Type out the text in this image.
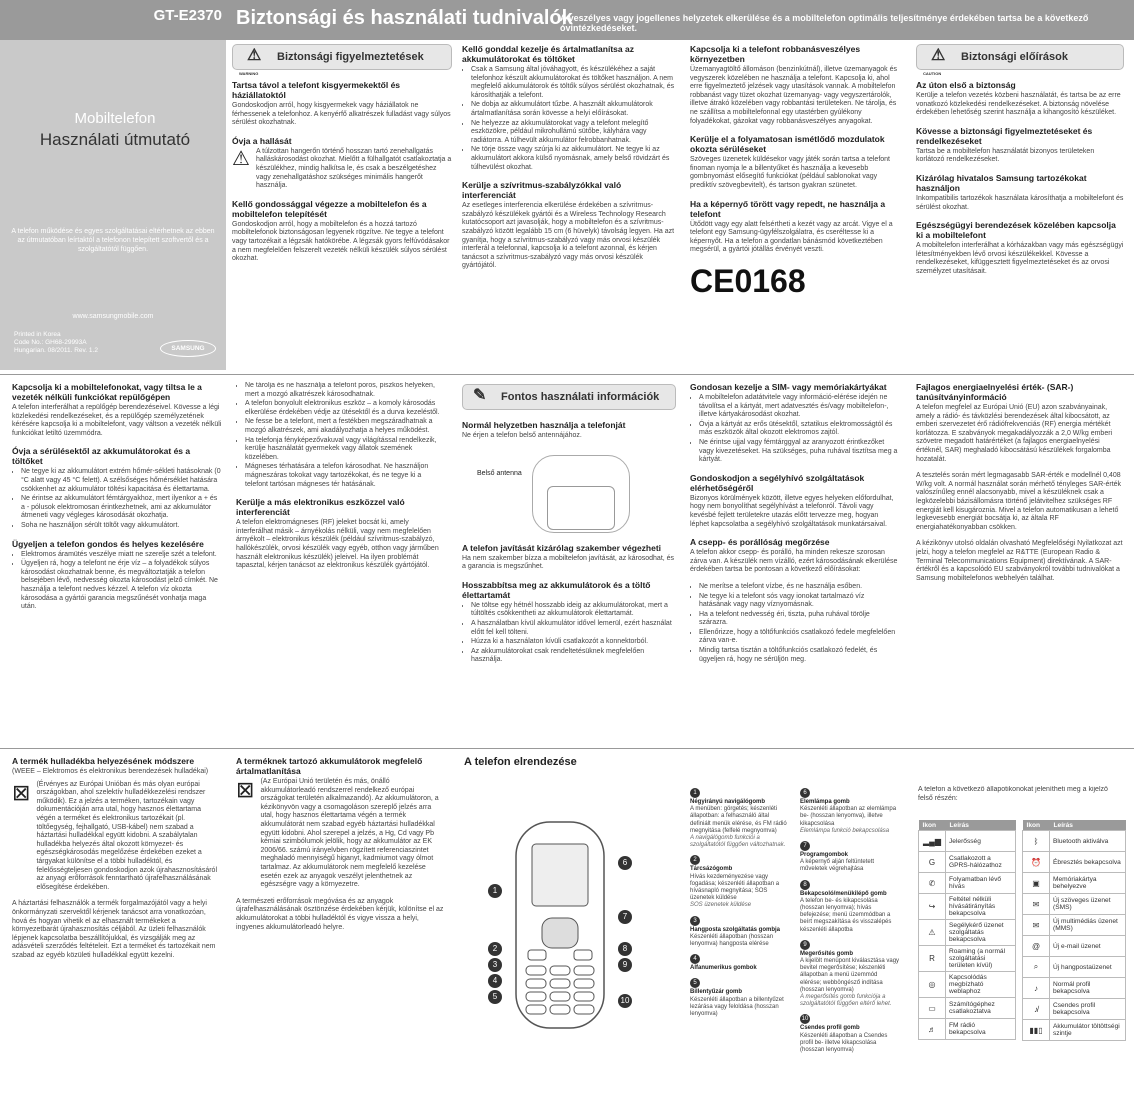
GT-E2370 Biztonsági és használati tudnivalók
A veszélyes vagy jogellenes helyzetek elkerülése és a mobiltelefon optimális teljesítménye érdekében tartsa be a következő óvintézkedéseket.
Mobiltelefon
Használati útmutató
A telefon működése és egyes szolgáltatásai eltérhetnek az ebben az útmutatóban leírtaktól a telefonon telepített szoftvertől és a szolgáltatótól függően.
www.samsungmobile.com
Printed in Korea
Code No.: GH68-29993A
Hungarian. 08/2011. Rev. 1.2	SAMSUNG
⚠
WARNING
Biztonsági figyelmeztetések
Tartsa távol a telefont kisgyermekektől és háziállatoktól

Gondoskodjon arról, hogy kisgyermekek vagy háziállatok ne férhessenek a telefonhoz. A kenyérfő alkatrészek fulladást vagy súlyos sérülést okozhatnak.

Óvja a hallását
⚠ A túlzottan hangerőn történő hosszan tartó zenehallgatás halláskárosodást okozhat. Mielőtt a fülhallgatót csatlakoztatja a készülékhez, mindig halkítsa le, és csak a beszélgetéshez vagy zenehallgatáshoz szükséges minimális hangerőt használja.

Kellő gondossággal végezze a mobiltelefon és a mobiltelefon telepítését

Gondoskodjon arról, hogy a mobiltelefon és a hozzá tartozó mobiltelefonok biztonságosan legyenek rögzítve. Ne tegye a telefont vagy tartozékait a légzsák hatókörébe. A légzsák gyors felfúvódásakor a nem megfelelően felszerelt vezeték nélküli készülék súlyos sérülést okozhat.

Kellő gonddal kezelje és ártalmatlanítsa az akkumulátorokat és töltőket
• Csak a Samsung által jóváhagyott, és készülékéhez a saját telefonhoz készült akkumulátorokat és töltőket használjon. A nem megfelelő akkumulátorok és töltők súlyos sérülést okozhatnak, és károsíthatják a telefont.
• Ne dobja az akkumulátort tűzbe. A használt akkumulátorok ártalmatlanítása során kövesse a helyi előírásokat.
• Ne helyezze az akkumulátorokat vagy a telefont melegítő eszközökre, például mikrohullámú sütőbe, kályhára vagy radiátorra. A túlhevült akkumulátor felrobbanhatnak.
• Ne törje össze vagy szúrja ki az akkumulátort. Ne tegye ki az akkumulátort akkora külső nyomásnak, amely belső rövidzárt és túlhevülést okozhat.
Kerülje a szívritmus-szabályzókkal való interferenciát

Az esetleges interferencia elkerülése érdekében a szívritmus-szabályzó készülékek gyártói és a Wireless Technology Research kutatócsoport azt javasolják, hogy a mobiltelefon és a szívritmus-szabályzó között legalább 15 cm (6 hüvelyk) távolság legyen. Ha azt gyanítja, hogy a szívritmus-szabályzó vagy más orvosi készülék interferál a telefonnal, kapcsolja ki a telefont azonnal, és kérjen tanácsot a szívritmus-szabályzó vagy más orvosi készülék gyártójától.

Kapcsolja ki a telefont robbanásveszélyes környezetben

Üzemanyagtöltő állomáson (benzinkútnál), illetve üzemanyagok és vegyszerek közelében ne használja a telefont. Kapcsolja ki, ahol erre figyelmeztető jelzések vagy utasítások vannak. A mobiltelefon robbanást vagy tüzet okozhat üzemanyag- vagy vegyszertárolók, illetve átrakó közelében vagy robbantási területeken. Ne tárolja, és ne szállítsa a mobiltelefonnal egy utastérben gyúlékony folyadékokat, gázokat vagy robbanásveszélyes anyagokat.

Kerülje el a folyamatosan ismétlődő mozdulatok okozta sérüléseket

Szöveges üzenetek küldésekor vagy játék során tartsa a telefont finoman nyomja le a billentyűket és használja a kevesebb gombnyomást elősegítő funkciókat (például sablonokat vagy prediktív szövegbevitelt), és tartson gyakran szünetet.

Ha a képernyő törött vagy repedt, ne használja a telefont

Ütődött vagy egy alatt felsértheti a kezét vagy az arcát. Vigye el a telefont egy Samsung-ügyfélszolgálatra, és cseréltesse ki a képernyőt. Ha a telefon a gondatlan bánásmód következtében megsérül, a gyártói jótállás érvényét veszti.

CE0168
⚠
CAUTION
Biztonsági előírások
Az úton első a biztonság

Kerülje a telefon vezetés közbeni használatát, és tartsa be az erre vonatkozó közlekedési rendelkezéseket. A biztonság növelése érdekében lehetőség szerint használja a kihangosító készüléket.

Kövesse a biztonsági figyelmeztetéseket és rendelkezéseket

Tartsa be a mobiltelefon használatát bizonyos területeken korlátozó rendelkezéseket.

Kizárólag hivatalos Samsung tartozékokat használjon

Inkompatibilis tartozékok használata károsíthatja a mobiltelefont és sérülést okozhat.

Egészségügyi berendezések közelében kapcsolja ki a mobiltelefont

A mobiltelefon interferálhat a kórházakban vagy más egészségügyi létesítményekben lévő orvosi készülékekkel. Kövesse a rendelkezéseket, kifüggesztett figyelmeztetéseket és az orvosi személyzet utasításait.

Kapcsolja ki a mobiltelefonokat, vagy tiltsa le a vezeték nélküli funkciókat repülőgépen

A telefon interferálhat a repülőgép berendezéseivel. Kövesse a légi közlekedési rendelkezéseket, és a repülőgép személyzetének kérésére kapcsolja ki a mobiltelefont, vagy váltson a vezeték nélküli funkciókat letiltó üzemmódra.

Óvja a sérülésektől az akkumulátorokat és a töltőket
• Ne tegye ki az akkumulátort extrém hőmér-sékleti hatásoknak (0 °C alatt vagy 45 °C felett). A szélsőséges hőmérséklet hatására csökkenhet az akkumulátor töltési kapacitása és élettartama.
• Ne érintse az akkumulátort fémtárgyakhoz, mert ilyenkor a + és a - pólusok elektromosan érintkezhetnek, ami az akkumulátor átmeneti vagy végleges károsodását okozhatja.
• Soha ne használjon sérült töltőt vagy akkumulátort.
Ügyeljen a telefon gondos és helyes kezelésére
• Elektromos áramütés veszélye miatt ne szerelje szét a telefont.
• Ügyeljen rá, hogy a telefont ne érje víz – a folyadékok súlyos károsodást okozhatnak benne, és megváltoztatják a telefon belsejében lévő, nedvesség okozta károsodást jelző címkét. Ne használja a telefont nedves kézzel. A telefon víz okozta károsodása a gyártói garancia megszűnését vonhatja maga után.
• Ne tárolja és ne használja a telefont poros, piszkos helyeken, mert a mozgó alkatrészek károsodhatnak.
• A telefon bonyolult elektronikus eszköz – a komoly károsodás elkerülése érdekében védje az ütésektől és a durva kezeléstől.
• Ne fesse be a telefont, mert a festékben megszáradhatnak a mozgó alkatrészek, ami akadályozhatja a helyes működést.
• Ha telefonja fényképezővakuval vagy világítással rendelkezik, kerülje használatát gyermekek vagy állatok szemének közelében.
• Mágneses térhatására a telefon károsodhat. Ne használjon mágneszáras tokokat vagy tartozékokat, és ne tegye ki a telefont tartósan mágneses tér hatásának.
Kerülje a más elektronikus eszközzel való interferenciát

A telefon elektromágneses (RF) jeleket bocsát ki, amely interferálhat másik – árnyékolás nélküli, vagy nem megfelelően árnyékolt – elektronikus készülék (például szívritmus-szabályzó, hallókészülék, orvosi készülék vagy egyéb, otthon vagy járműben használt elektronikus készülék) jeleivel. Ha ilyen problémát tapasztal, kérjen tanácsot az elektronikus készülék gyártójától.

✎ Fontos használati információk
Normál helyzetben használja a telefonját

Ne érjen a telefon belső antennájához.

Belső antenna
A telefon javítását kizárólag szakember végezheti

Ha nem szakember bízza a mobiltelefon javítását, az károsodhat, és a garancia is megszűnhet.

Hosszabbítsa meg az akkumulátorok és a töltő élettartamát
• Ne töltse egy hétnél hosszabb ideig az akkumulátorokat, mert a túltöltés csökkentheti az akkumulátorok élettartamát.
• A használatban kívül akkumulátor idővel lemerül, ezért használat előtt fel kell tölteni.
• Húzza ki a használaton kívüli csatlakozót a konnektorból.
• Az akkumulátorokat csak rendeltetésüknek megfelelően használja.
Gondosan kezelje a SIM- vagy memóriakártyákat
• A mobiltelefon adatátvitele vagy információ-elérése idején ne távolítsa el a kártyát, mert adatvesztés és/vagy mobiltelefon-, illetve kártyakárosodást okozhat.
• Óvja a kártyát az erős ütésektől, sztatikus elektromosságtól és más eszközök által okozott elektromos zajtól.
• Ne érintse ujjal vagy fémtárggyal az aranyozott érintkezőket vagy kivezetéseket. Ha szükséges, puha ruhával tisztítsa meg a kártyát.
Gondoskodjon a segélyhívó szolgáltatások elérhetőségéről

Bizonyos körülmények között, illetve egyes helyeken előfordulhat, hogy nem bonyolíthat segélyhívást a telefonról. Távoli vagy kevésbé fejlett területekre utazás előtt tervezze meg, hogyan léphet kapcsolatba a segélyhívó szolgáltatások munkatársaival.

A csepp- és porállóság megőrzése

A telefon akkor csepp- és porálló, ha minden rekesze szorosan zárva van. A készülék nem vízálló, ezért károsodásának elkerülése érdekében tartsa be pontosan a következő előírásokat:

• Ne merítse a telefont vízbe, és ne használja esőben.
• Ne tegye ki a telefont sós vagy ionokat tartalmazó víz hatásának vagy nagy víznyomásnak.
• Ha a telefont nedvesség éri, tiszta, puha ruhával törölje szárazra.
• Ellenőrizze, hogy a töltőfunkciós csatlakozó fedele megfelelően zárva van-e.
• Mindig tartsa tisztán a töltőfunkciós csatlakozó fedelét, és ügyeljen rá, hogy ne sérüljön meg.
Fajlagos energiaelnyelési érték- (SAR-) tanúsítványinformáció

A telefon megfelel az Európai Unió (EU) azon szabványainak, amely a rádió- és távközlési berendezések által kibocsátott, az emberi szervezetet érő rádiófrekvenciás (RF) energia mértékét korlátozza. E szabványok megakadályozzák a 2,0 W/kg emberi szövetre megadott határértéket (a fajlagos energiaelnyelési értéknél, SAR) meghaladó kibocsátású készülékek forgalomba hozatalát.

A tesztelés során mért legmagasabb SAR-érték e modellnél 0,408 W/kg volt. A normál használat során mérhető tényleges SAR-érték valószínűleg ennél alacsonyabb, mivel a készüléknek csak a legközelebbi bázisállomásra történő jelátvitelhez szükséges RF energiát kell kisugároznia. Mivel a telefon automatikusan a lehető legkevesebb energiát bocsátja ki, az általa RF energiahatékonyabban csökken.

A kézikönyv utolsó oldalán olvasható Megfelelőségi Nyilatkozat azt jelzi, hogy a telefon megfelel az R&TTE (European Radio & Terminal Telecommunications Equipment) direktívának. A SAR-értékről és a kapcsolódó EU szabványokról további tudnivalókat a Samsung mobiltelefonos webhelyén találhat.

A termék hulladékba helyezésének módszere

(WEEE – Elektromos és elektronikus berendezések hulladékai)

⊠ (Érvényes az Európai Unióban és más olyan európai országokban, ahol szelektív hulladékkezelési rendszer működik). Ez a jelzés a terméken, tartozékain vagy dokumentációján arra utal, hogy hasznos élettartama végén a terméket és elektronikus tartozékait (pl. töltőegység, fejhallgató, USB-kábel) nem szabad a háztartási hulladékkal együtt kidobni. A szabálytalan hulladékba helyezés által okozott környezet- és egészségkárosodás megelőzése érdekében ezeket a tárgyakat különítse el a többi hulladéktól, és felelősségteljesen gondoskodjon azok újrahasznosításáról az anyagi erőforrások fenntartható újrafelhasználásának elősegítése érdekében.

A háztartási felhasználók a termék forgalmazójától vagy a helyi önkormányzati szervektől kérjenek tanácsot arra vonatkozóan, hová és hogyan vihetik el az elhasznált termékeket a környezetbarát újrahasznosítás céljából. Az üzleti felhasználók lépjenek kapcsolatba beszállítójukkal, és vizsgálják meg az adásvételi szerződés feltételeit. Ezt a terméket és tartozékait nem szabad az egyéb közületi hulladékkal együtt kezelni.

A terméknek tartozó akkumulátorok megfelelő ártalmatlanítása
⊠ (Az Európai Unió területén és más, önálló akkumulátorleadó rendszerrel rendelkező európai országokat területén alkalmazandó). Az akkumulátoron, a kézikönyvön vagy a csomagoláson szereplő jelzés arra utal, hogy hasznos élettartama végén a termék akkumulátorát nem szabad egyéb háztartási hulladékkal együtt kidobni. Ahol szerepel a jelzés, a Hg, Cd vagy Pb kémiai szimbólumok jelölik, hogy az akkumulátor az EK 2006/66. számú irányelvben rögzített referenciaszintet meghaladó mennyiségű higanyt, kadmiumot vagy ólmot tartalmaz. Az akkumulátorok nem megfelelő kezelése esetén ezek az anyagok veszélyt jelenthetnek az egészségre vagy a környezetre.

A természeti erőforrások megóvása és az anyagok újrafelhasználásának ösztönzése érdekében kérjük, különítse el az akkumulátorokat a többi hulladéktól és vigye vissza a helyi, ingyenes akkumulátorleadó helyre.

A telefon elrendezése
1
2
3
4
5
6
7
8
9
10
1
Négyirányú navigálógomb
A menüben: görgetés; készenléti állapotban: a felhasználó által definiált menük elérése, és FM rádió megnyitása (felfelé megnyomva)
A navigálógomb funkciói a szolgáltatótól függően változhatnak.
2
Tárcsázógomb
Hívás kezdeményezése vagy fogadása; készenléti állapotban a hívásnapló megnyitása; SOS üzenetek küldése
SOS üzenetek küldése
3
Hangposta szolgáltatás gombja
Készenléti állapotban (hosszan lenyomva) hangposta elérése
4
Alfanumerikus gombok
5
Billentyűzár gomb
Készenléti állapotban a billentyűzet lezárása vagy feloldása (hosszan lenyomva)
6
Elemlámpa gomb
Készenléti állapotban az elemlámpa be- (hosszan lenyomva), illetve kikapcsolása
Elemlámpa funkció bekapcsolása
7
Programgombok
A képernyő alján feltüntetett műveletek végrehajtása
8
Bekapcsoló/menükilépő gomb
A telefon be- és kikapcsolása (hosszan lenyomva); hívás befejezése; menü üzemmódban a beírt megszakítása és visszalépés készenléti állapotba
9
Megerősítés gomb
A kijelölt menüpont kiválasztása vagy bevitel megerősítése; készenléti állapotban a menü üzemmód elérése; webböngésző indítása (hosszan lenyomva)
A megerősítés gomb funkciója a szolgáltatótól függően eltérő lehet.
10
Csendes profil gomb
Készenléti állapotban a Csendes profil be- illetve kikapcsolása (hosszan lenyomva)

A telefon a következő állapotikonokat jelenítheti meg a kijelző felső részén:

Ikon	Leírás
▂▄▆	Jelerősség
G	Csatlakozott a GPRS-hálózathoz
✆	Folyamatban lévő hívás
↪	Feltétel nélküli hívásátirányítás bekapcsolva
⚠	Segélykérő üzenet szolgáltatás bekapcsolva
R	Roaming (a normál szolgáltatási területen kívül)
◎	Kapcsolódás megbízható weblaphoz
▭	Számítógéphez csatlakoztatva
♬	FM rádió bekapcsolva
Ikon	Leírás
ᛒ	Bluetooth aktiválva
⏰	Ébresztés bekapcsolva
▣	Memóriakártya behelyezve
✉	Új szöveges üzenet (SMS)
✉	Új multimédiás üzenet (MMS)
@	Új e-mail üzenet
⌕	Új hangpostaüzenet
♪	Normál profil bekapcsolva
♪̸	Csendes profil bekapcsolva
▮▮▯	Akkumulátor töltöttségi szintje
